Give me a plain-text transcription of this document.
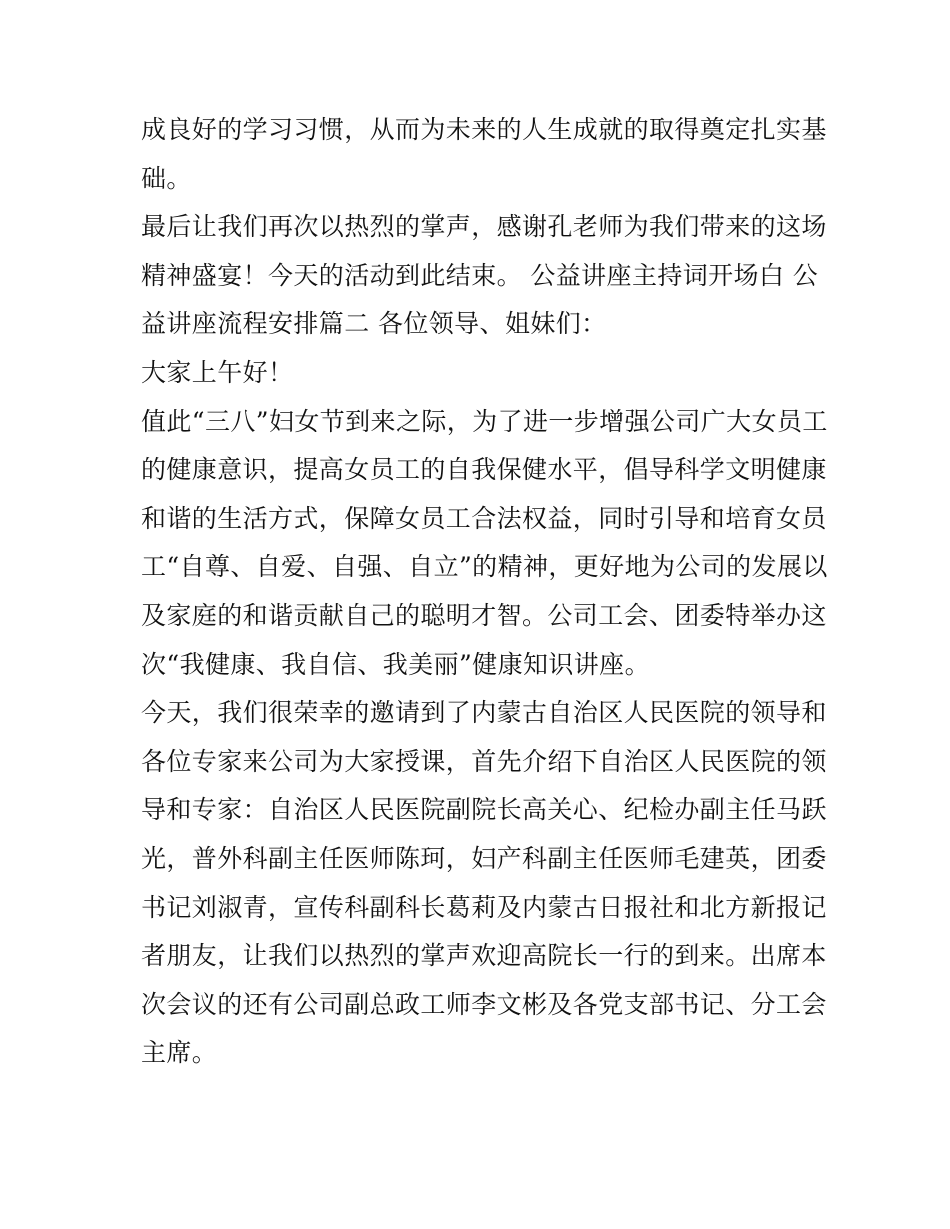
成良好的学习习惯，从而为未来的人生成就的取得奠定扎实基
础。
最后让我们再次以热烈的掌声，感谢孔老师为我们带来的这场
精神盛宴！今天的活动到此结束。 公益讲座主持词开场白 公
益讲座流程安排篇二 各位领导、姐妹们：
大家上午好！
值此“三八”妇女节到来之际，为了进一步增强公司广大女员工
的健康意识，提高女员工的自我保健水平，倡导科学文明健康
和谐的生活方式，保障女员工合法权益，同时引导和培育女员
工“自尊、自爱、自强、自立”的精神，更好地为公司的发展以
及家庭的和谐贡献自己的聪明才智。公司工会、团委特举办这
次“我健康、我自信、我美丽”健康知识讲座。
今天，我们很荣幸的邀请到了内蒙古自治区人民医院的领导和
各位专家来公司为大家授课，首先介绍下自治区人民医院的领
导和专家：自治区人民医院副院长高关心、纪检办副主任马跃
光，普外科副主任医师陈珂，妇产科副主任医师毛建英，团委
书记刘淑青，宣传科副科长葛莉及内蒙古日报社和北方新报记
者朋友，让我们以热烈的掌声欢迎高院长一行的到来。出席本
次会议的还有公司副总政工师李文彬及各党支部书记、分工会
主席。
